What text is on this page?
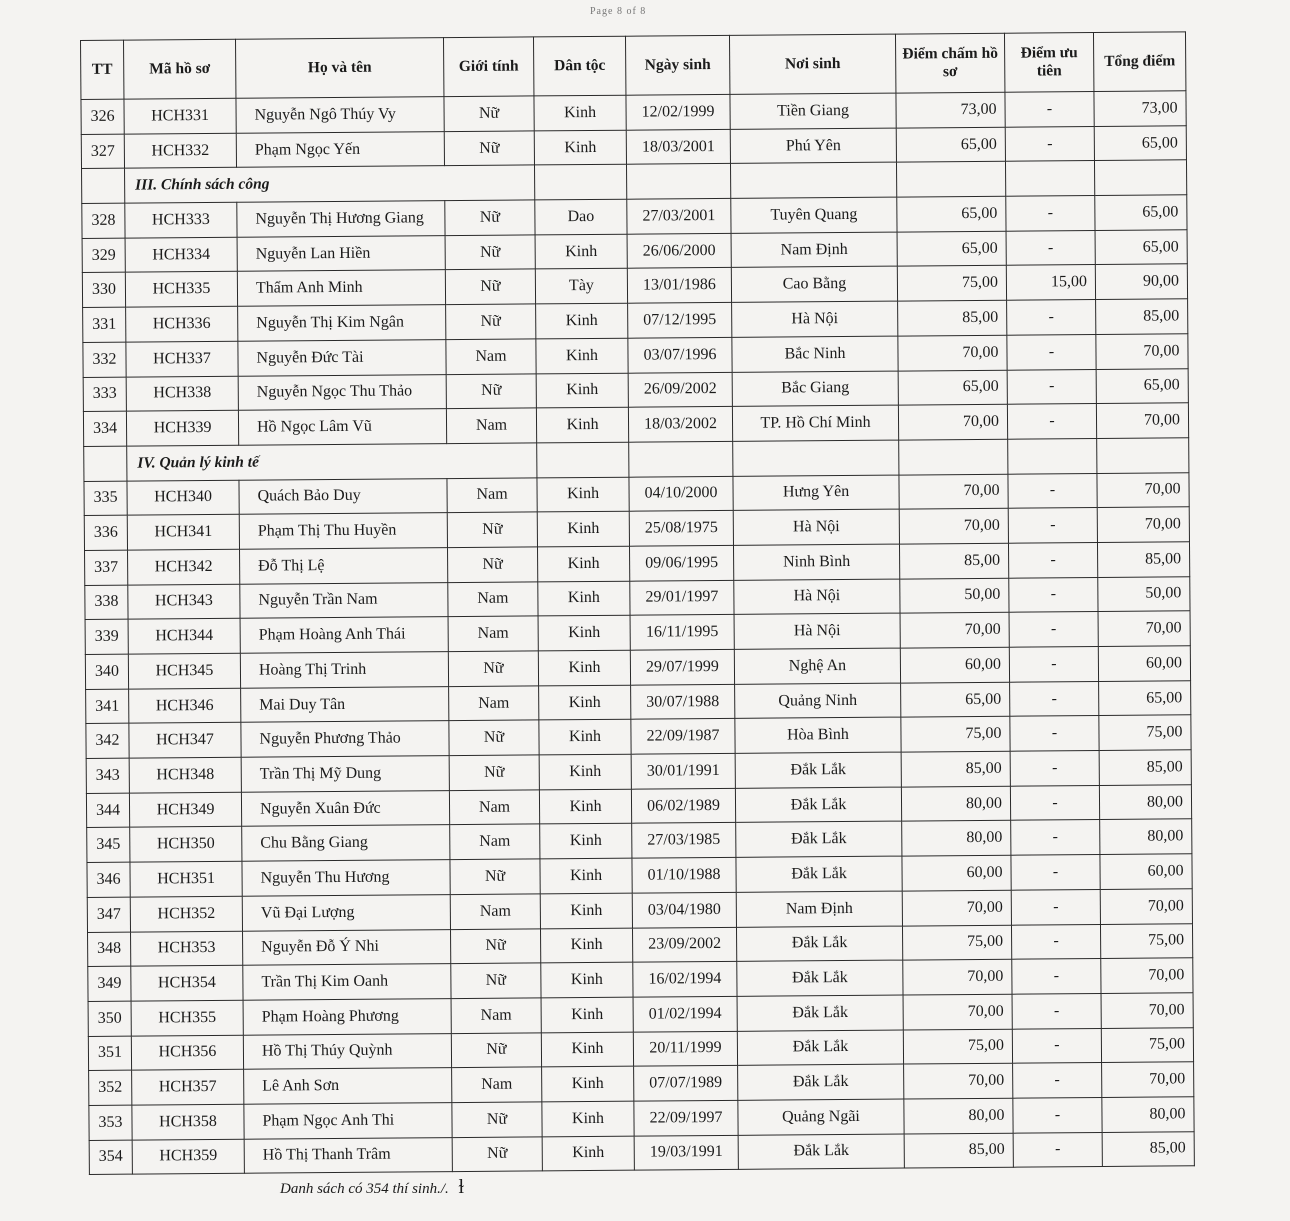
Page 8 of 8
TT	Mã hồ sơ	Họ và tên	Giới tính	Dân tộc	Ngày sinh	Nơi sinh	Điểm chấm hồ sơ	Điểm ưu tiên	Tổng điểm
326	HCH331	Nguyễn Ngô Thúy Vy	Nữ	Kinh	12/02/1999	Tiền Giang	73,00	-	73,00
327	HCH332	Phạm Ngọc Yến	Nữ	Kinh	18/03/2001	Phú Yên	65,00	-	65,00
	III. Chính sách công								
328	HCH333	Nguyễn Thị Hương Giang	Nữ	Dao	27/03/2001	Tuyên Quang	65,00	-	65,00
329	HCH334	Nguyễn Lan Hiền	Nữ	Kinh	26/06/2000	Nam Định	65,00	-	65,00
330	HCH335	Thẩm Anh Minh	Nữ	Tày	13/01/1986	Cao Bằng	75,00	15,00	90,00
331	HCH336	Nguyễn Thị Kim Ngân	Nữ	Kinh	07/12/1995	Hà Nội	85,00	-	85,00
332	HCH337	Nguyễn Đức Tài	Nam	Kinh	03/07/1996	Bắc Ninh	70,00	-	70,00
333	HCH338	Nguyễn Ngọc Thu Thảo	Nữ	Kinh	26/09/2002	Bắc Giang	65,00	-	65,00
334	HCH339	Hồ Ngọc Lâm Vũ	Nam	Kinh	18/03/2002	TP. Hồ Chí Minh	70,00	-	70,00
	IV. Quản lý kinh tế								
335	HCH340	Quách Bảo Duy	Nam	Kinh	04/10/2000	Hưng Yên	70,00	-	70,00
336	HCH341	Phạm Thị Thu Huyền	Nữ	Kinh	25/08/1975	Hà Nội	70,00	-	70,00
337	HCH342	Đỗ Thị Lệ	Nữ	Kinh	09/06/1995	Ninh Bình	85,00	-	85,00
338	HCH343	Nguyễn Trần Nam	Nam	Kinh	29/01/1997	Hà Nội	50,00	-	50,00
339	HCH344	Phạm Hoàng Anh Thái	Nam	Kinh	16/11/1995	Hà Nội	70,00	-	70,00
340	HCH345	Hoàng Thị Trinh	Nữ	Kinh	29/07/1999	Nghệ An	60,00	-	60,00
341	HCH346	Mai Duy Tân	Nam	Kinh	30/07/1988	Quảng Ninh	65,00	-	65,00
342	HCH347	Nguyễn Phương Thảo	Nữ	Kinh	22/09/1987	Hòa Bình	75,00	-	75,00
343	HCH348	Trần Thị Mỹ Dung	Nữ	Kinh	30/01/1991	Đắk Lắk	85,00	-	85,00
344	HCH349	Nguyễn Xuân Đức	Nam	Kinh	06/02/1989	Đắk Lắk	80,00	-	80,00
345	HCH350	Chu Bằng Giang	Nam	Kinh	27/03/1985	Đắk Lắk	80,00	-	80,00
346	HCH351	Nguyễn Thu Hương	Nữ	Kinh	01/10/1988	Đắk Lắk	60,00	-	60,00
347	HCH352	Vũ Đại Lượng	Nam	Kinh	03/04/1980	Nam Định	70,00	-	70,00
348	HCH353	Nguyễn Đỗ Ý Nhi	Nữ	Kinh	23/09/2002	Đắk Lắk	75,00	-	75,00
349	HCH354	Trần Thị Kim Oanh	Nữ	Kinh	16/02/1994	Đắk Lắk	70,00	-	70,00
350	HCH355	Phạm Hoàng Phương	Nam	Kinh	01/02/1994	Đắk Lắk	70,00	-	70,00
351	HCH356	Hồ Thị Thúy Quỳnh	Nữ	Kinh	20/11/1999	Đắk Lắk	75,00	-	75,00
352	HCH357	Lê Anh Sơn	Nam	Kinh	07/07/1989	Đắk Lắk	70,00	-	70,00
353	HCH358	Phạm Ngọc Anh Thi	Nữ	Kinh	22/09/1997	Quảng Ngãi	80,00	-	80,00
354	HCH359	Hồ Thị Thanh Trâm	Nữ	Kinh	19/03/1991	Đắk Lắk	85,00	-	85,00
Danh sách có 354 thí sinh./. ɫ
